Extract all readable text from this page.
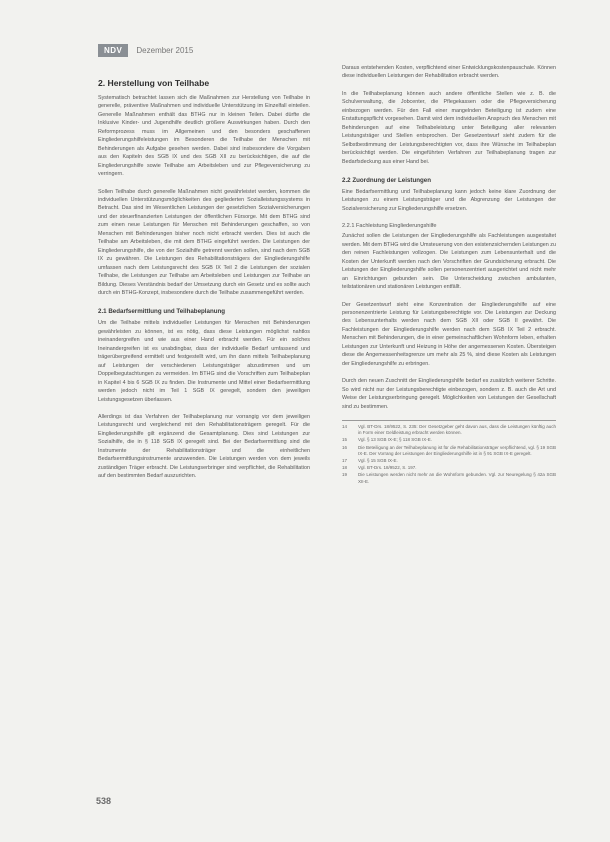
NDV	Dezember 2015
2. Herstellung von Teilhabe

Systematisch betrachtet lassen sich die Maßnahmen zur Herstellung von Teilhabe in generelle, präventive Maßnahmen und individuelle Unterstützung im Einzelfall einteilen. Generelle Maßnahmen enthält das BTHG nur in kleinen Teilen. Dabei dürfte die Inklusive Kinder- und Jugendhilfe deutlich größere Auswirkungen haben. Durch den Reformprozess muss im Allgemeinen und den besonders geschaffenen Eingliederungshilfeleistungen im Besonderen die Teilhabe der Menschen mit Behinderungen als Aufgabe gesehen werden. Dabei sind insbesondere die Vorgaben aus den Kapiteln des SGB IX und des SGB XII zu berücksichtigen, die auf die Eingliederungshilfe sowie Teilhabe am Arbeitsleben und zur Pflegeversicherung zu verringern.

Sollen Teilhabe durch generelle Maßnahmen nicht gewährleistet werden, kommen die individuellen Unterstützungsmöglichkeiten des gegliederten Sozialleistungssystems in Betracht. Das sind im Wesentlichen Leistungen der gesetzlichen Sozialversicherungen und der steuerfinanzierten Leistungen der öffentlichen Fürsorge. Mit dem BTHG sind zum einen neue Leistungen für Menschen mit Behinderungen geschaffen, so von Menschen mit Behinderungen bisher noch nicht erbracht werden. Dies ist auch die Teilhabe am Arbeitsleben, die mit dem BTHG eingeführt werden. Die Leistungen der Eingliederungshilfe, die von der Sozialhilfe getrennt werden sollen, sind nach dem SGB IX zu gewähren. Die Leistungen des Rehabilitationsträgers der Eingliederungshilfe umfassen nach dem Leistungsrecht des SGB IX Teil 2 die Leistungen der sozialen Teilhabe, die Leistungen zur Teilhabe am Arbeitsleben und Leistungen zur Teilhabe an Bildung. Dieses Verständnis bedarf der Umsetzung durch ein Gesetz und es sollte auch durch ein BTHG-Konzept, insbesondere durch die Teilhabe zusammengeführt werden.

2.1 Bedarfsermittlung und Teilhabeplanung

Um die Teilhabe mittels individueller Leistungen für Menschen mit Behinderungen gewährleisten zu können, ist es nötig, dass diese Leistungen möglichst nahtlos ineinandergreifen und wie aus einer Hand erbracht werden. Für ein solches Ineinandergreifen ist es unabdingbar, dass der individuelle Bedarf umfassend und trägerübergreifend ermittelt und festgestellt wird, um ihn dann mittels Teilhabeplanung auf Leistungen der verschiedenen Leistungsträger abzustimmen und um Doppelbegutachtungen zu vermeiden. Im BTHG sind die Vorschriften zum Teilhabeplan in Kapitel 4 bis 6 SGB IX zu finden. Die Instrumente und Mittel einer Bedarfsermittlung werden jedoch nicht im Teil 1 SGB IX geregelt, sondern den jeweiligen Leistungsgesetzen überlassen.

Allerdings ist das Verfahren der Teilhabeplanung nur vorrangig vor dem jeweiligen Leistungsrecht und vergleichend mit den Rehabilitationsträgern geregelt. Für die Eingliederungshilfe gilt ergänzend die Gesamtplanung. Dies sind Leistungen zur Sozialhilfe, die in § 118 SGB IX geregelt sind. Bei der Bedarfsermittlung sind die Instrumente der Rehabilitationsträger und die einheitlichen Bedarfsermittlungsinstrumente anzuwenden. Die Leistungen werden von dem jeweils zuständigen Träger erbracht. Die Leistungserbringer sind verpflichtet, die Rehabilitation auf den bestimmten Bedarf auszurichten.

Daraus entstehenden Kosten, verpflichtend einer Entwicklungskostenpauschale. Können diese individuellen Leistungen der Rehabilitation erbracht werden.

In die Teilhabeplanung können auch andere öffentliche Stellen wie z. B. die Schulverwaltung, die Jobcenter, die Pflegekassen oder die Pflegeversicherung einbezogen werden. Für den Fall einer mangelnden Beteiligung ist zudem eine Erstattungspflicht vorgesehen. Damit wird dem individuellen Anspruch des Menschen mit Behinderungen auf eine Teilhabeleistung unter Beteiligung aller relevanten Leistungsträger und Stellen entsprochen. Der Gesetzentwurf sieht zudem für die Selbstbestimmung der Leistungsberechtigten vor, dass ihre Wünsche im Teilhabeplan berücksichtigt werden. Die eingeführten Verfahren zur Teilhabeplanung tragen zur Bedarfsdeckung aus einer Hand bei.

2.2 Zuordnung der Leistungen

Eine Bedarfsermittlung und Teilhabeplanung kann jedoch keine klare Zuordnung der Leistungen zu einem Leistungsträger und die Abgrenzung der Leistungen der Sozialversicherung zur Eingliederungshilfe ersetzen.

2.2.1 Fachleistung Eingliederungshilfe

Zunächst sollen die Leistungen der Eingliederungshilfe als Fachleistungen ausgestaltet werden. Mit dem BTHG wird die Umsteuerung von den existenzsichernden Leistungen zu den reinen Fachleistungen vollzogen. Die Leistungen zum Lebensunterhalt und die Kosten der Unterkunft werden nach den Vorschriften der Grundsicherung erbracht. Die Leistungen der Eingliederungshilfe sollen personenzentriert ausgerichtet und nicht mehr an Einrichtungen gebunden sein. Die Unterscheidung zwischen ambulanten, teilstationären und stationären Leistungen entfällt.

Der Gesetzentwurf sieht eine Konzentration der Eingliederungshilfe auf eine personenzentrierte Leistung für Leistungsberechtigte vor. Die Leistungen zur Deckung des Lebensunterhalts werden nach dem SGB XII oder SGB II gewährt. Die Fachleistungen der Eingliederungshilfe werden nach dem SGB IX Teil 2 erbracht. Menschen mit Behinderungen, die in einer gemeinschaftlichen Wohnform leben, erhalten Leistungen zur Unterkunft und Heizung in Höhe der angemessenen Kosten. Übersteigen diese die Angemessenheitsgrenze um mehr als 25 %, sind diese Kosten als Leistungen der Eingliederungshilfe zu erbringen.

Durch den neuen Zuschnitt der Eingliederungshilfe bedarf es zusätzlich weiterer Schritte. So wird nicht nur der Leistungsberechtigte einbezogen, sondern z. B. auch die Art und Weise der Leistungserbringung geregelt. Möglichkeiten von Leistungen der Gesellschaft sind zu bestimmen.

14	Vgl. BT-Drs. 18/9522, S. 235: Der Gesetzgeber geht davon aus, dass die Leistungen künftig auch in Form einer Geldleistung erbracht werden können.
15	Vgl. § 13 SGB IX-E; § 118 SGB IX-E.
16	Die Beteiligung an der Teilhabeplanung ist für die Rehabilitationsträger verpflichtend, vgl. § 19 SGB IX-E. Der Vorrang der Leistungen der Eingliederungshilfe ist in § 91 SGB IX-E geregelt.
17	Vgl. § 15 SGB IX-E.
18	Vgl. BT-Drs. 18/9522, S. 197.
19	Die Leistungen werden nicht mehr an die Wohnform gebunden. Vgl. zur Neuregelung § 42a SGB XII-E.
538
